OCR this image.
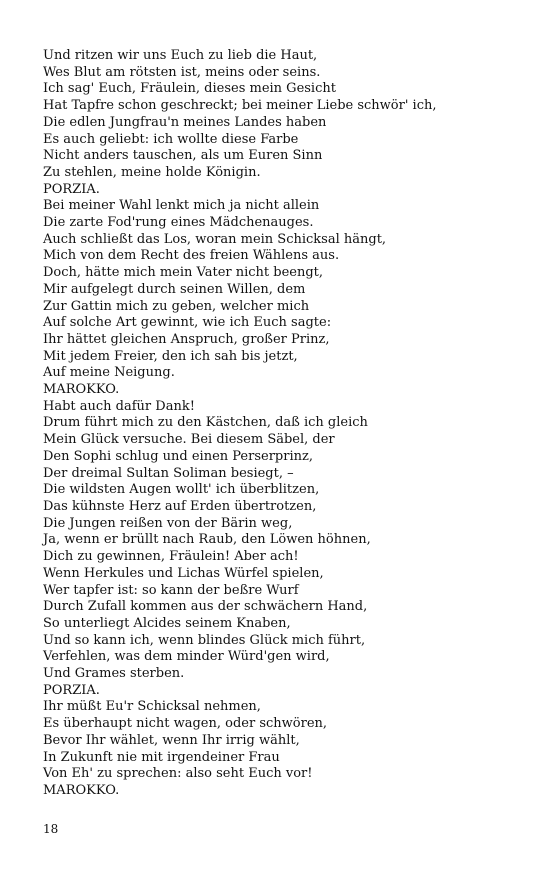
Und ritzen wir uns Euch zu lieb die Haut,
Wes Blut am rötsten ist, meins oder seins.
Ich sag' Euch, Fräulein, dieses mein Gesicht
Hat Tapfre schon geschreckt; bei meiner Liebe schwör' ich,
Die edlen Jungfrau'n meines Landes haben
Es auch geliebt: ich wollte diese Farbe
Nicht anders tauschen, als um Euren Sinn
Zu stehlen, meine holde Königin.
PORZIA.
Bei meiner Wahl lenkt mich ja nicht allein
Die zarte Fod'rung eines Mädchenauges.
Auch schließt das Los, woran mein Schicksal hängt,
Mich von dem Recht des freien Wählens aus.
Doch, hätte mich mein Vater nicht beengt,
Mir aufgelegt durch seinen Willen, dem
Zur Gattin mich zu geben, welcher mich
Auf solche Art gewinnt, wie ich Euch sagte:
Ihr hättet gleichen Anspruch, großer Prinz,
Mit jedem Freier, den ich sah bis jetzt,
Auf meine Neigung.
MAROKKO.
Habt auch dafür Dank!
Drum führt mich zu den Kästchen, daß ich gleich
Mein Glück versuche. Bei diesem Säbel, der
Den Sophi schlug und einen Perserprinz,
Der dreimal Sultan Soliman besiegt, –
Die wildsten Augen wollt' ich überblitzen,
Das kühnste Herz auf Erden übertrotzen,
Die Jungen reißen von der Bärin weg,
Ja, wenn er brüllt nach Raub, den Löwen höhnen,
Dich zu gewinnen, Fräulein! Aber ach!
Wenn Herkules und Lichas Würfel spielen,
Wer tapfer ist: so kann der beßre Wurf
Durch Zufall kommen aus der schwächern Hand,
So unterliegt Alcides seinem Knaben,
Und so kann ich, wenn blindes Glück mich führt,
Verfehlen, was dem minder Würd'gen wird,
Und Grames sterben.
PORZIA.
Ihr müßt Eu'r Schicksal nehmen,
Es überhaupt nicht wagen, oder schwören,
Bevor Ihr wählet, wenn Ihr irrig wählt,
In Zukunft nie mit irgendeiner Frau
Von Eh' zu sprechen: also seht Euch vor!
MAROKKO.
18
